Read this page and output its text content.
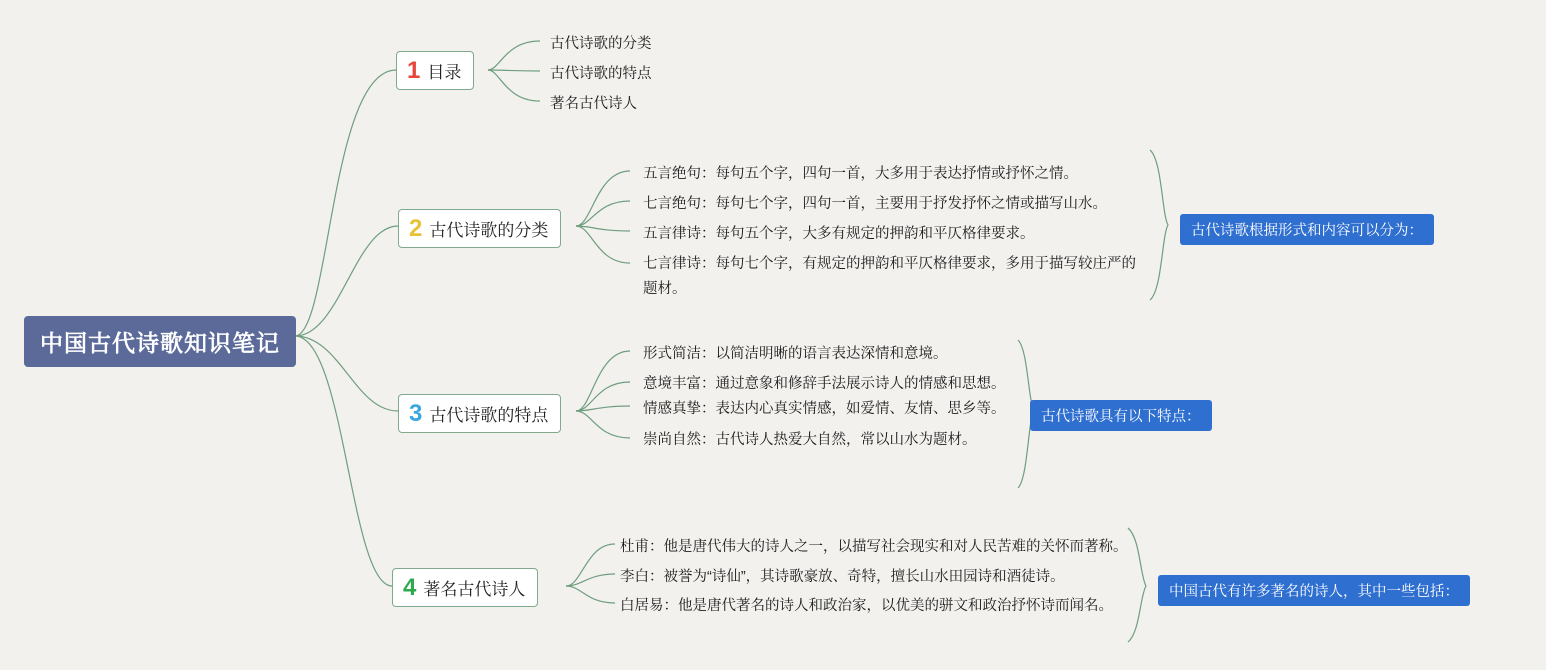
中国古代诗歌知识笔记
1 目录
古代诗歌的分类
古代诗歌的特点
著名古代诗人
2 古代诗歌的分类
五言绝句：每句五个字，四句一首，大多用于表达抒情或抒怀之情。
七言绝句：每句七个字，四句一首，主要用于抒发抒怀之情或描写山水。
五言律诗：每句五个字，大多有规定的押韵和平仄格律要求。
七言律诗：每句七个字，有规定的押韵和平仄格律要求，多用于描写较庄严的题材。
古代诗歌根据形式和内容可以分为：
3 古代诗歌的特点
形式简洁：以简洁明晰的语言表达深情和意境。
意境丰富：通过意象和修辞手法展示诗人的情感和思想。
情感真挚：表达内心真实情感，如爱情、友情、思乡等。
崇尚自然：古代诗人热爱大自然，常以山水为题材。
古代诗歌具有以下特点：
4 著名古代诗人
杜甫：他是唐代伟大的诗人之一，以描写社会现实和对人民苦难的关怀而著称。
李白：被誉为“诗仙”，其诗歌豪放、奇特，擅长山水田园诗和酒徒诗。
白居易：他是唐代著名的诗人和政治家，以优美的骈文和政治抒怀诗而闻名。
中国古代有许多著名的诗人，其中一些包括：
